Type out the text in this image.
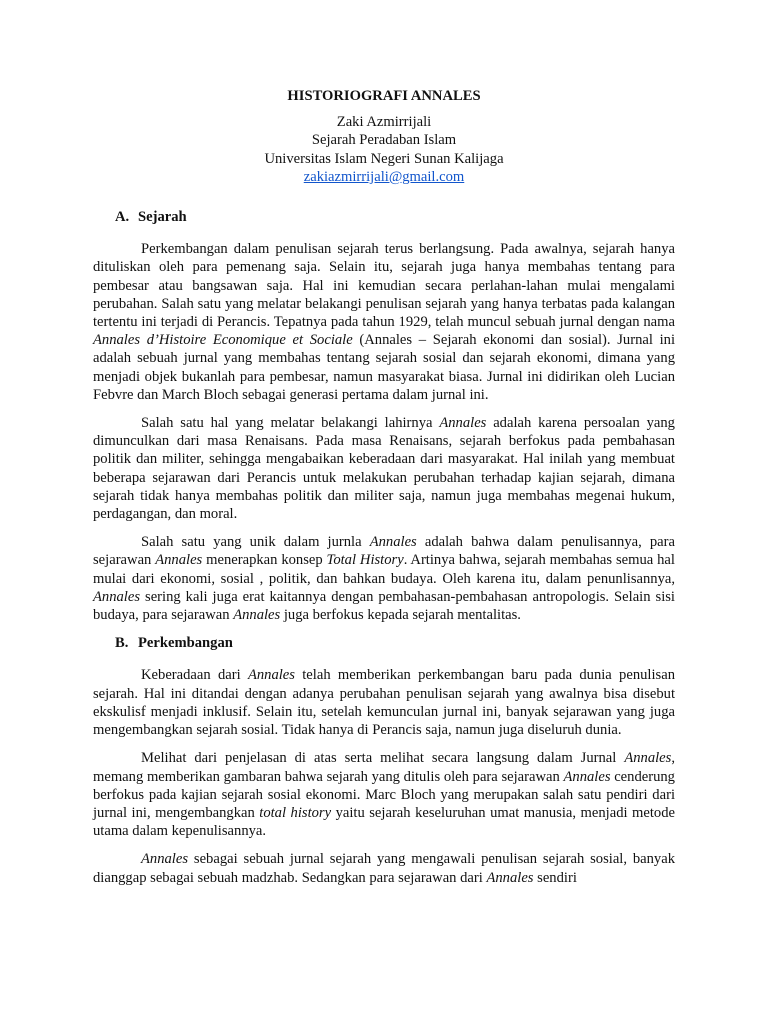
HISTORIOGRAFI ANNALES
Zaki Azmirrijali
Sejarah Peradaban Islam
Universitas Islam Negeri Sunan Kalijaga
zakiazmirrijali@gmail.com
A. Sejarah

Perkembangan dalam penulisan sejarah terus berlangsung. Pada awalnya, sejarah hanya dituliskan oleh para pemenang saja. Selain itu, sejarah juga hanya membahas tentang para pembesar atau bangsawan saja. Hal ini kemudian secara perlahan-lahan mulai mengalami perubahan. Salah satu yang melatar belakangi penulisan sejarah yang hanya terbatas pada kalangan tertentu ini terjadi di Perancis. Tepatnya pada tahun 1929, telah muncul sebuah jurnal dengan nama Annales d’Histoire Economique et Sociale (Annales – Sejarah ekonomi dan sosial). Jurnal ini adalah sebuah jurnal yang membahas tentang sejarah sosial dan sejarah ekonomi, dimana yang menjadi objek bukanlah para pembesar, namun masyarakat biasa. Jurnal ini didirikan oleh Lucian Febvre dan March Bloch sebagai generasi pertama dalam jurnal ini.

Salah satu hal yang melatar belakangi lahirnya Annales adalah karena persoalan yang dimunculkan dari masa Renaisans. Pada masa Renaisans, sejarah berfokus pada pembahasan politik dan militer, sehingga mengabaikan keberadaan dari masyarakat. Hal inilah yang membuat beberapa sejarawan dari Perancis untuk melakukan perubahan terhadap kajian sejarah, dimana sejarah tidak hanya membahas politik dan militer saja, namun juga membahas megenai hukum, perdagangan, dan moral.

Salah satu yang unik dalam jurnla Annales adalah bahwa dalam penulisannya, para sejarawan Annales menerapkan konsep Total History. Artinya bahwa, sejarah membahas semua hal mulai dari ekonomi, sosial , politik, dan bahkan budaya. Oleh karena itu, dalam penunlisannya, Annales sering kali juga erat kaitannya dengan pembahasan-pembahasan antropologis. Selain sisi budaya, para sejarawan Annales juga berfokus kepada sejarah mentalitas.

B. Perkembangan

Keberadaan dari Annales telah memberikan perkembangan baru pada dunia penulisan sejarah. Hal ini ditandai dengan adanya perubahan penulisan sejarah yang awalnya bisa disebut ekskulisf menjadi inklusif. Selain itu, setelah kemunculan jurnal ini, banyak sejarawan yang juga mengembangkan sejarah sosial. Tidak hanya di Perancis saja, namun juga diseluruh dunia.

Melihat dari penjelasan di atas serta melihat secara langsung dalam Jurnal Annales, memang memberikan gambaran bahwa sejarah yang ditulis oleh para sejarawan Annales cenderung berfokus pada kajian sejarah sosial ekonomi. Marc Bloch yang merupakan salah satu pendiri dari jurnal ini, mengembangkan total history yaitu sejarah keseluruhan umat manusia, menjadi metode utama dalam kepenulisannya.

Annales sebagai sebuah jurnal sejarah yang mengawali penulisan sejarah sosial, banyak dianggap sebagai sebuah madzhab. Sedangkan para sejarawan dari Annales sendiri
